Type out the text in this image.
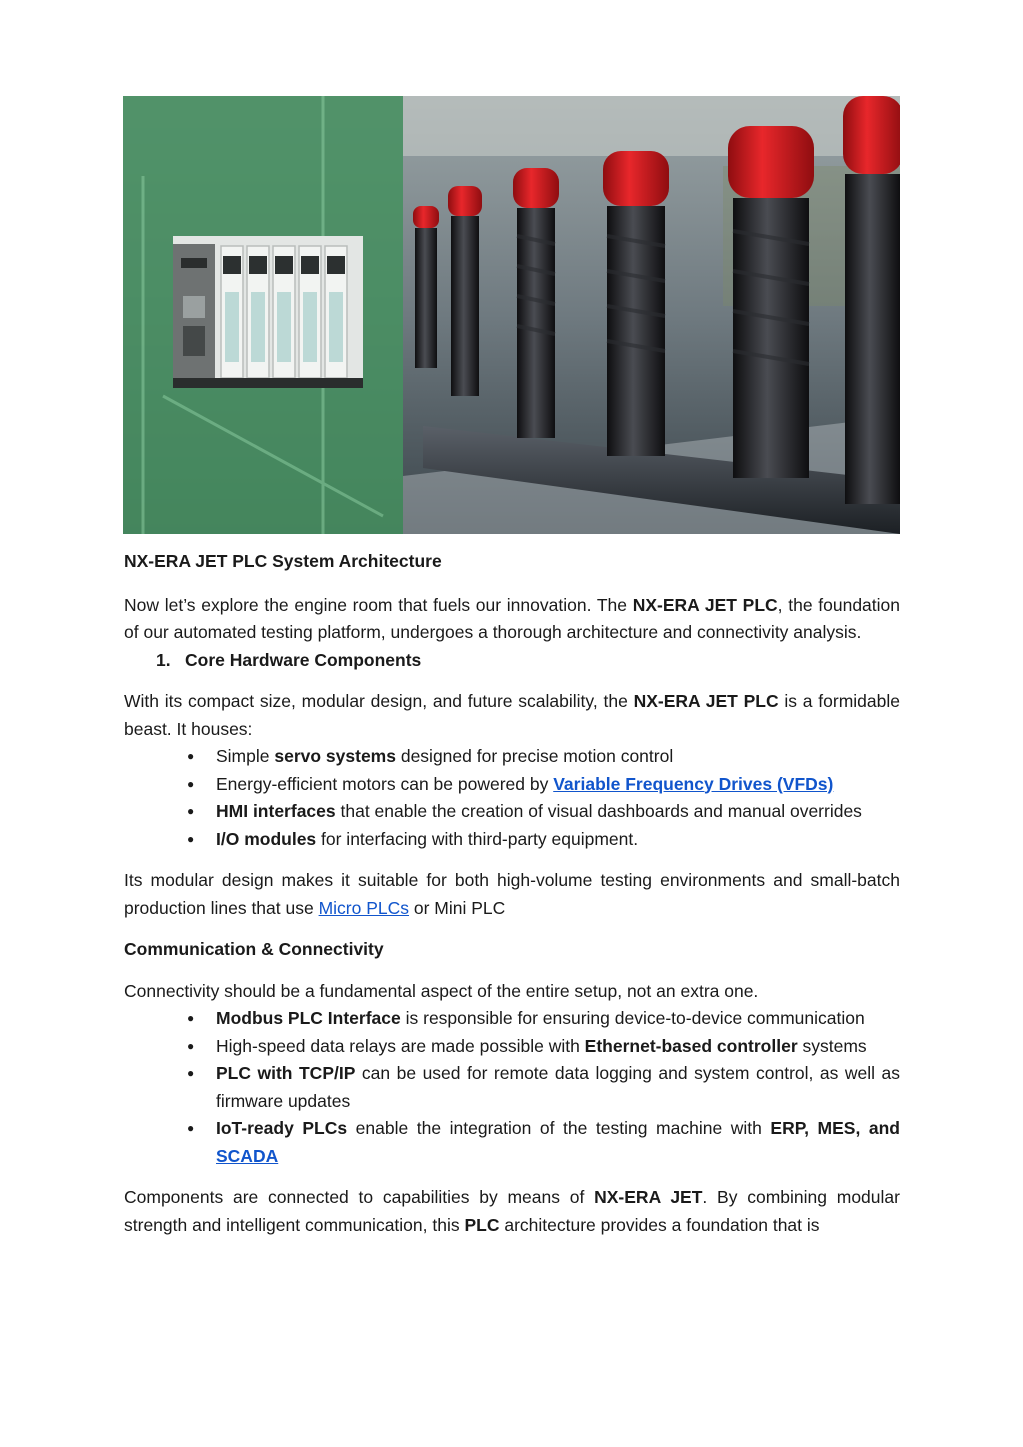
NX-ERA JET PLC System Architecture

Now let’s explore the engine room that fuels our innovation. The NX-ERA JET PLC, the foundation of our automated testing platform, undergoes a thorough architecture and connectivity analysis.

1. Core Hardware Components

With its compact size, modular design, and future scalability, the NX-ERA JET PLC is a formidable beast. It houses:

● Simple servo systems designed for precise motion control
● Energy-efficient motors can be powered by Variable Frequency Drives (VFDs)
● HMI interfaces that enable the creation of visual dashboards and manual overrides
● I/O modules for interfacing with third-party equipment.

Its modular design makes it suitable for both high-volume testing environments and small-batch production lines that use Micro PLCs or Mini PLC

Communication & Connectivity

Connectivity should be a fundamental aspect of the entire setup, not an extra one.

● Modbus PLC Interface is responsible for ensuring device-to-device communication
● High-speed data relays are made possible with Ethernet-based controller systems
● PLC with TCP/IP can be used for remote data logging and system control, as well as firmware updates
● IoT-ready PLCs enable the integration of the testing machine with ERP, MES, and SCADA

Components are connected to capabilities by means of NX-ERA JET. By combining modular strength and intelligent communication, this PLC architecture provides a foundation that is
